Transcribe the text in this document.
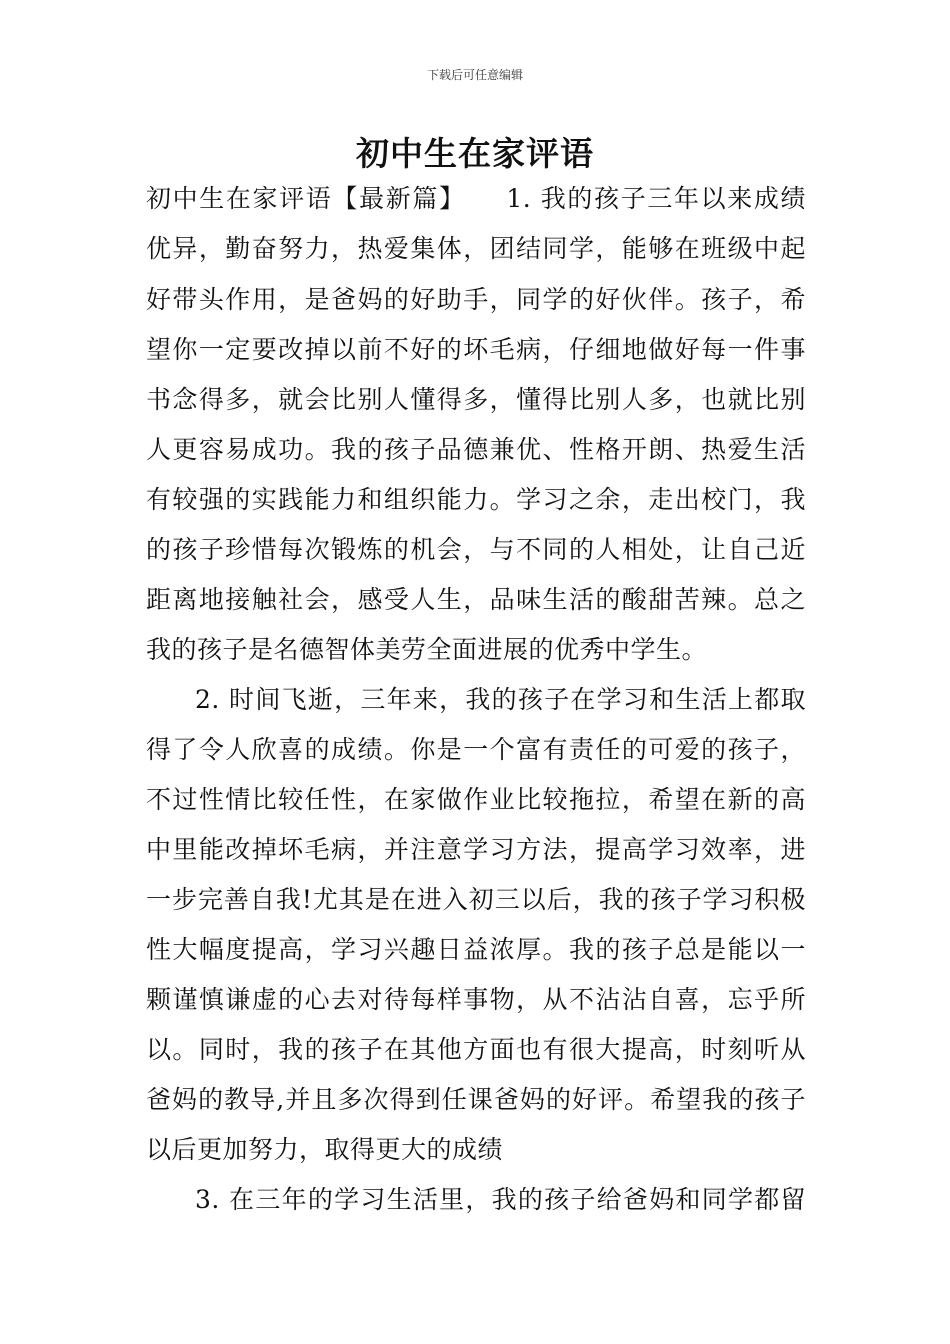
下载后可任意编辑
初中生在家评语
初中生在家评语【最新篇】　　1. 我的孩子三年以来成绩
优异，勤奋努力，热爱集体，团结同学，能够在班级中起
好带头作用，是爸妈的好助手，同学的好伙伴。孩子，希
望你一定要改掉以前不好的坏毛病，仔细地做好每一件事
书念得多，就会比别人懂得多，懂得比别人多，也就比别
人更容易成功。我的孩子品德兼优、性格开朗、热爱生活
有较强的实践能力和组织能力。学习之余，走出校门，我
的孩子珍惜每次锻炼的机会，与不同的人相处，让自己近
距离地接触社会，感受人生，品味生活的酸甜苦辣。总之
我的孩子是名德智体美劳全面进展的优秀中学生。
2. 时间飞逝，三年来，我的孩子在学习和生活上都取
得了令人欣喜的成绩。你是一个富有责任的可爱的孩子，
不过性情比较任性，在家做作业比较拖拉，希望在新的高
中里能改掉坏毛病，并注意学习方法，提高学习效率，进
一步完善自我!尤其是在进入初三以后，我的孩子学习积极
性大幅度提高，学习兴趣日益浓厚。我的孩子总是能以一
颗谨慎谦虚的心去对待每样事物，从不沾沾自喜，忘乎所
以。同时，我的孩子在其他方面也有很大提高，时刻听从
爸妈的教导,并且多次得到任课爸妈的好评。希望我的孩子
以后更加努力，取得更大的成绩
3. 在三年的学习生活里，我的孩子给爸妈和同学都留
